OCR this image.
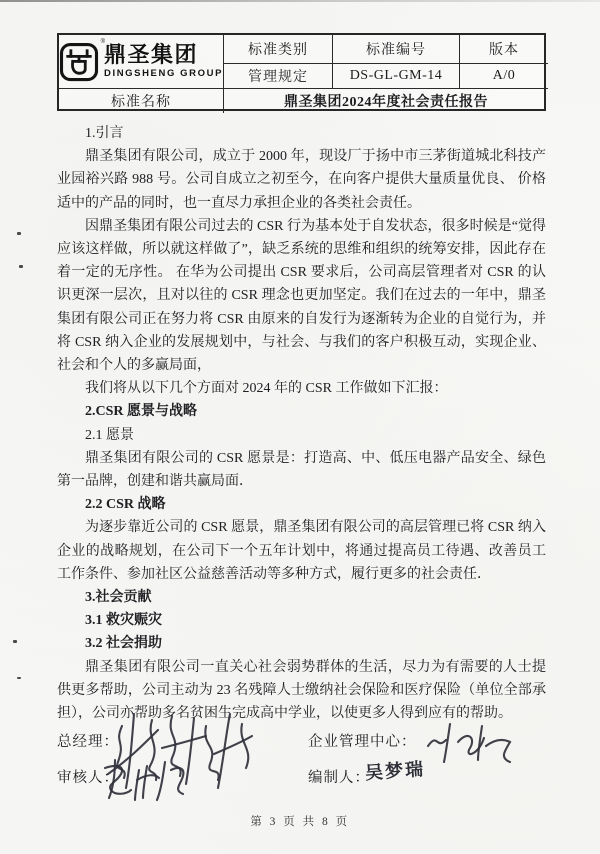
®
鼎圣集团
DINGSHENG GROUP
标准类别	标准编号	版本
管理规定	DS-GL-GM-14	A/0
标准名称	鼎圣集团2024年度社会责任报告
1.引言
鼎圣集团有限公司，成立于 2000 年，现设厂于扬中市三茅街道城北科技产业园裕兴路 988 号。公司自成立之初至今，在向客户提供大量质量优良、 价格适中的产品的同时，也一直尽力承担企业的各类社会责任。
因鼎圣集团有限公司过去的 CSR 行为基本处于自发状态，很多时候是“觉得应该这样做，所以就这样做了”，缺乏系统的思维和组织的统筹安排，因此存在着一定的无序性。 在华为公司提出 CSR 要求后，公司高层管理者对 CSR 的认识更深一层次，且对以往的 CSR 理念也更加坚定。我们在过去的一年中，鼎圣集团有限公司正在努力将 CSR 由原来的自发行为逐渐转为企业的自觉行为，并将 CSR 纳入企业的发展规划中，与社会、与我们的客户积极互动，实现企业、社会和个人的多赢局面，
我们将从以下几个方面对 2024 年的 CSR 工作做如下汇报：
2.CSR 愿景与战略
2.1 愿景
鼎圣集团有限公司的 CSR 愿景是：打造高、中、低压电器产品安全、绿色第一品牌，创建和谐共赢局面．
2.2 CSR 战略
为逐步靠近公司的 CSR 愿景，鼎圣集团有限公司的高层管理已将 CSR 纳入企业的战略规划，在公司下一个五年计划中，将通过提高员工待遇、改善员工工作条件、参加社区公益慈善活动等多种方式，履行更多的社会责任．
3.社会贡献
3.1 救灾赈灾
3.2 社会捐助
鼎圣集团有限公司一直关心社会弱势群体的生活，尽力为有需要的人士提供更多帮助，公司主动为 23 名残障人士缴纳社会保险和医疗保险（单位全部承担），公司亦帮助多名贫困生完成高中学业，以使更多人得到应有的帮助。
总经理：	企业管理中心：
审核人：	编制人：
吴梦瑞
第 3 页 共 8 页
